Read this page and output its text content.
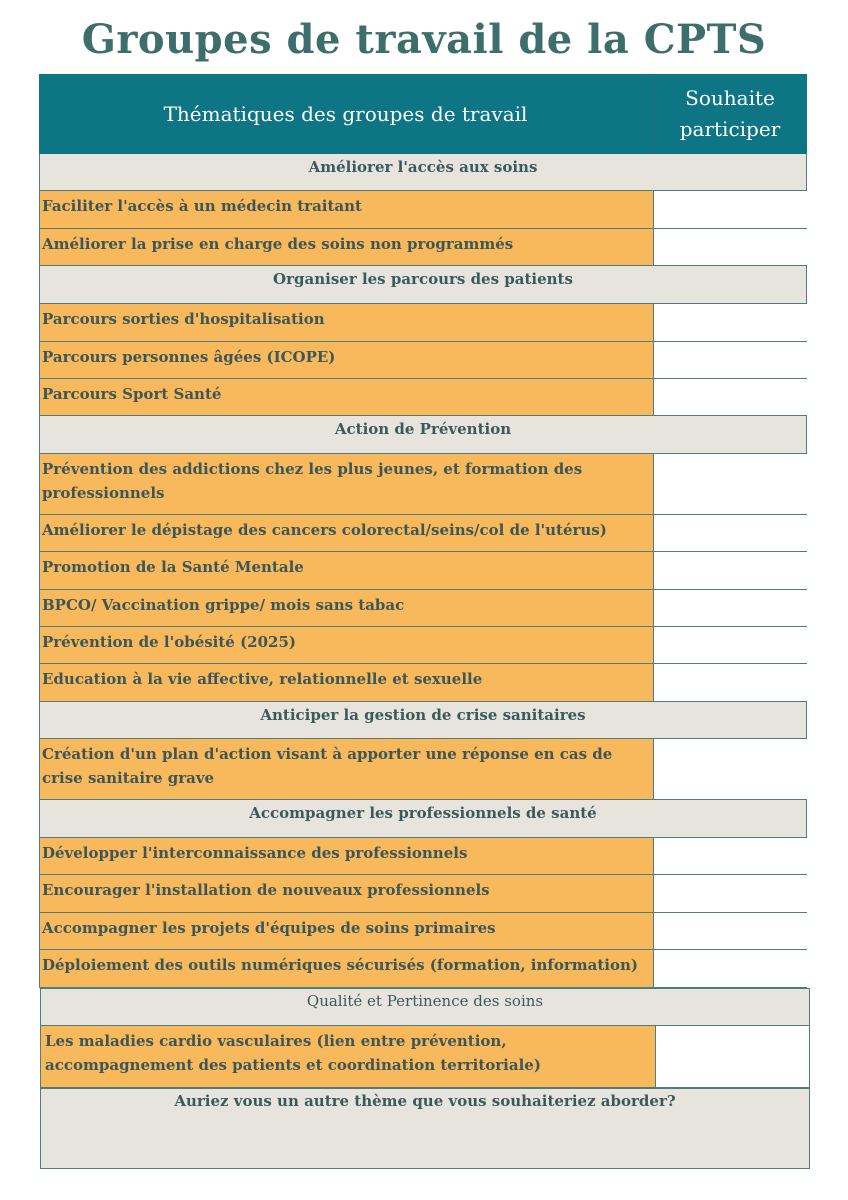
Groupes de travail de la CPTS
Thématiques des groupes de travail
Souhaite participer
Améliorer l'accès aux soins
Faciliter l'accès à un médecin traitant
Améliorer la prise en charge des soins non programmés
Organiser les parcours des patients
Parcours sorties d'hospitalisation
Parcours personnes âgées (ICOPE)
Parcours Sport Santé
Action de Prévention
Prévention des addictions chez les plus jeunes, et formation des professionnels
Améliorer le dépistage des cancers colorectal/seins/col de l'utérus)
Promotion de la Santé Mentale
BPCO/ Vaccination grippe/ mois sans tabac
Prévention de l'obésité (2025)
Education à la vie affective, relationnelle et sexuelle
Anticiper la gestion de crise sanitaires
Création d'un plan d'action visant à apporter une réponse en cas de crise sanitaire grave
Accompagner les professionnels de santé
Développer l'interconnaissance des professionnels
Encourager l'installation de nouveaux professionnels
Accompagner les projets d'équipes de soins primaires
Déploiement des outils numériques sécurisés (formation, information)
Qualité et Pertinence des soins
Les maladies cardio vasculaires (lien entre prévention, accompagnement des patients et coordination territoriale)
Auriez vous un autre thème que vous souhaiteriez aborder?
